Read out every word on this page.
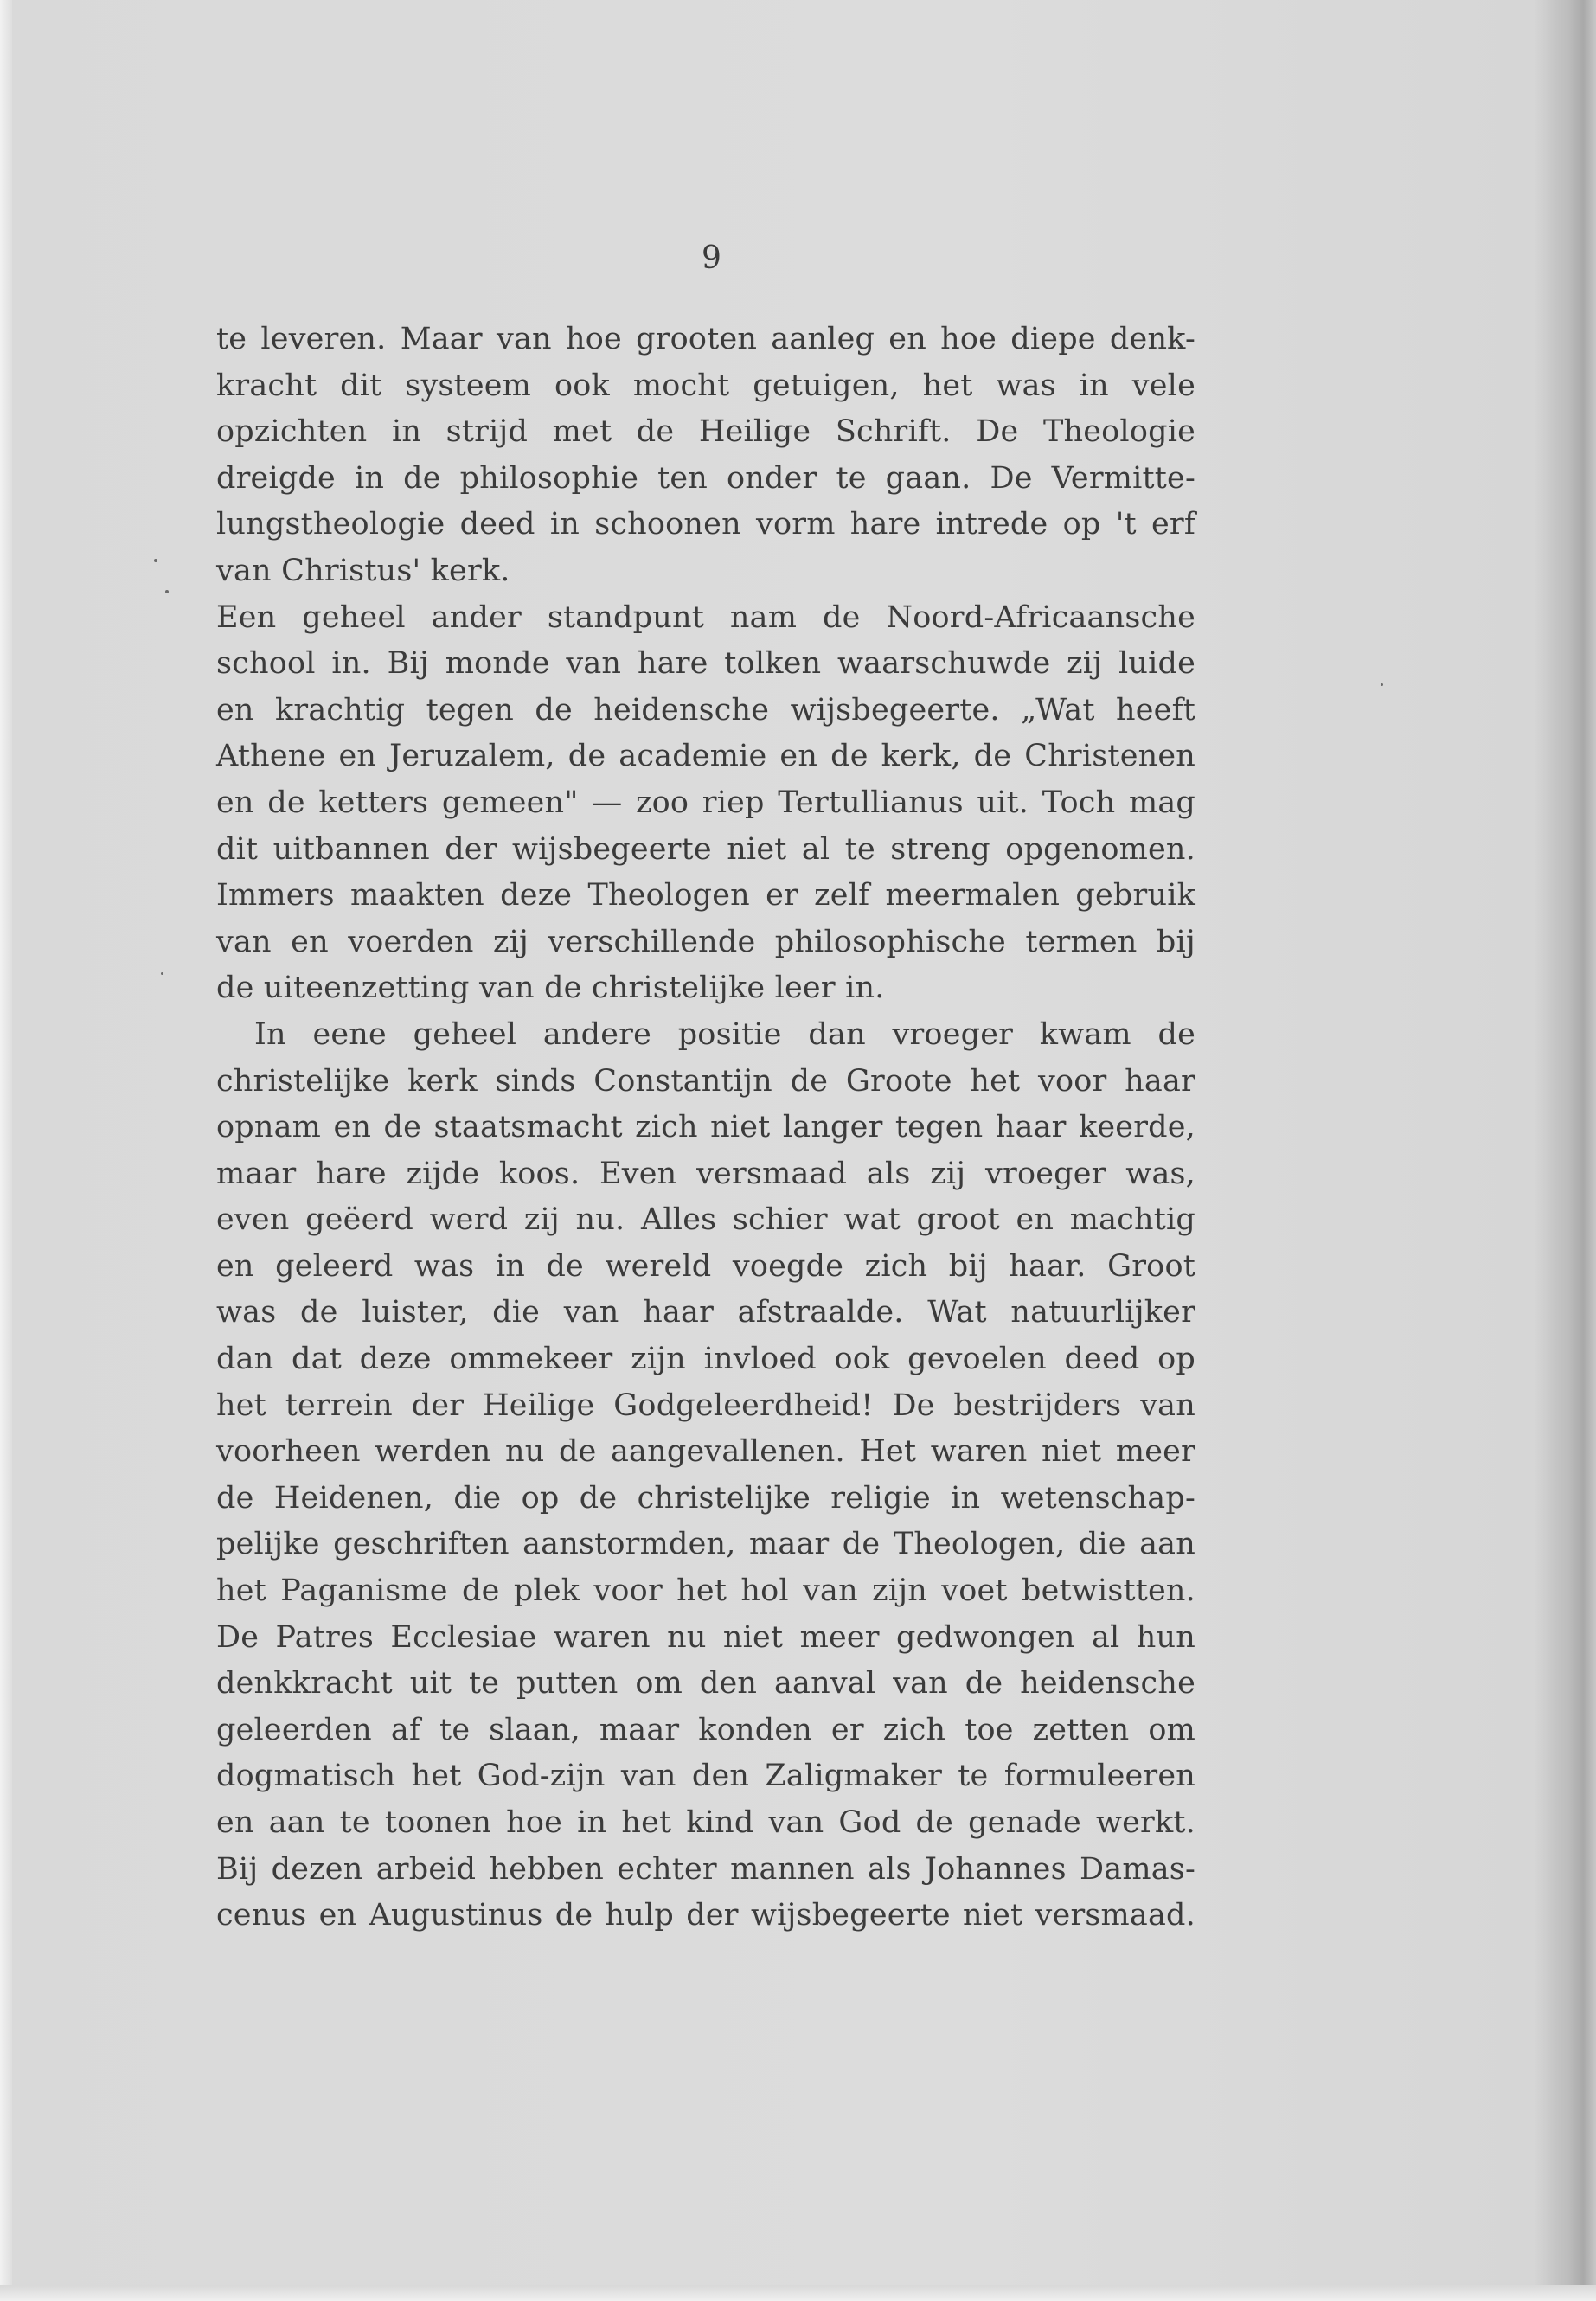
9
te leveren. Maar van hoe grooten aanleg en hoe diepe denk-
kracht dit systeem ook mocht getuigen, het was in vele
opzichten in strijd met de Heilige Schrift. De Theologie
dreigde in de philosophie ten onder te gaan. De Vermitte-
lungstheologie deed in schoonen vorm hare intrede op 't erf
van Christus' kerk.
Een geheel ander standpunt nam de Noord-Africaansche
school in. Bij monde van hare tolken waarschuwde zij luide
en krachtig tegen de heidensche wijsbegeerte. „Wat heeft
Athene en Jeruzalem, de academie en de kerk, de Christenen
en de ketters gemeen" — zoo riep Tertullianus uit. Toch mag
dit uitbannen der wijsbegeerte niet al te streng opgenomen.
Immers maakten deze Theologen er zelf meermalen gebruik
van en voerden zij verschillende philosophische termen bij
de uiteenzetting van de christelijke leer in.
In eene geheel andere positie dan vroeger kwam de
christelijke kerk sinds Constantijn de Groote het voor haar
opnam en de staatsmacht zich niet langer tegen haar keerde,
maar hare zijde koos. Even versmaad als zij vroeger was,
even geëerd werd zij nu. Alles schier wat groot en machtig
en geleerd was in de wereld voegde zich bij haar. Groot
was de luister, die van haar afstraalde. Wat natuurlijker
dan dat deze ommekeer zijn invloed ook gevoelen deed op
het terrein der Heilige Godgeleerdheid! De bestrijders van
voorheen werden nu de aangevallenen. Het waren niet meer
de Heidenen, die op de christelijke religie in wetenschap-
pelijke geschriften aanstormden, maar de Theologen, die aan
het Paganisme de plek voor het hol van zijn voet betwistten.
De Patres Ecclesiae waren nu niet meer gedwongen al hun
denkkracht uit te putten om den aanval van de heidensche
geleerden af te slaan, maar konden er zich toe zetten om
dogmatisch het God-zijn van den Zaligmaker te formuleeren
en aan te toonen hoe in het kind van God de genade werkt.
Bij dezen arbeid hebben echter mannen als Johannes Damas-
cenus en Augustinus de hulp der wijsbegeerte niet versmaad.
